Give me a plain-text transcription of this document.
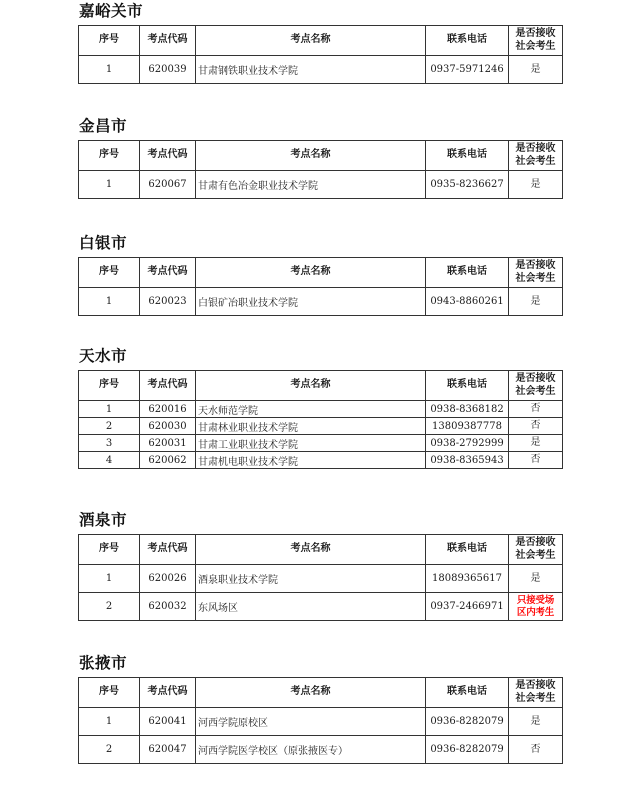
嘉峪关市
序号	考点代码	考点名称	联系电话	是否接收
社会考生

1	620039	甘肃钢铁职业技术学院	0937-5971246	是
金昌市
序号	考点代码	考点名称	联系电话	是否接收
社会考生

1	620067	甘肃有色冶金职业技术学院	0935-8236627	是
白银市
序号	考点代码	考点名称	联系电话	是否接收
社会考生

1	620023	白银矿冶职业技术学院	0943-8860261	是
天水市
序号	考点代码	考点名称	联系电话	是否接收
社会考生

1	620016	天水师范学院	0938-8368182	否
2	620030	甘肃林业职业技术学院	13809387778	否
3	620031	甘肃工业职业技术学院	0938-2792999	是
4	620062	甘肃机电职业技术学院	0938-8365943	否
酒泉市
序号	考点代码	考点名称	联系电话	是否接收
社会考生

1	620026	酒泉职业技术学院	18089365617	是
2	620032	东风场区	0937-2466971	只接受场
区内考生
张掖市
序号	考点代码	考点名称	联系电话	是否接收
社会考生

1	620041	河西学院原校区	0936-8282079	是
2	620047	河西学院医学校区（原张掖医专）	0936-8282079	否
